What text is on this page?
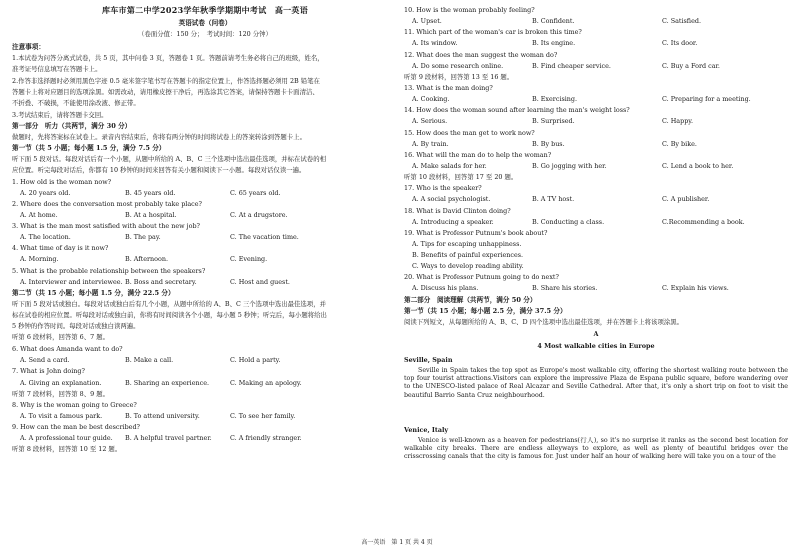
库车市第二中学2023学年秋季学期期中考试　高一英语
英语试卷（问卷）
（卷面分值：150 分；　考试时间：120 分钟）
注意事项：
1.本试卷为问答分离式试卷，共 5 页，其中问卷 3 页，答题卷 1 页。答题前请考生务必将自己的班级，姓名，
准考证号信息填写在答题卡上。
2.作答非选择题时必须用黑色字迹 0.5 毫米签字笔书写在答题卡的指定位置上，作答选择题必须用 2B 铅笔在
答题卡上将对应题目的选项涂黑。如需改动，请用橡皮擦干净后，再选涂其它答案，请保持答题卡卡面清洁、
不折叠、不破损，不能使用涂改液、修正带。
3.考试结束后，请将答题卡交回。
第一部分　听力（共两节，满分 30 分）
做题时，先将答案标在试卷上。录音内容结束后，你将有两分钟的时间将试卷上的答案转涂到答题卡上。
第一节（共 5 小题；每小题 1.5 分，满分 7.5 分）
听下面 5 段对话。每段对话后有一个小题，从题中所给的 A、B、C 三个选项中选出最佳选项，并标在试卷的相
应位置。听完每段对话后，你都有 10 秒钟的时间来回答有关小题和阅读下一小题。每段对话仅读一遍。
1. How old is the woman now?
A. 20 years old.	B. 45 years old.	C. 65 years old.
2. Where does the conversation most probably take place?
A. At home.	B. At a hospital.	C. At a drugstore.
3. What is the man most satisfied with about the new job?
A. The location.	B. The pay.	C. The vacation time.
4. What time of day is it now?
A. Morning.	B. Afternoon.	C. Evening.
5. What is the probable relationship between the speakers?
A. Interviewer and interviewee. B. Boss and secretary.	C. Host and guest.
第二节（共 15 小题；每小题 1.5 分，满分 22.5 分）
听下面 5 段对话或独白。每段对话或独白后有几个小题，从题中所给的 A、B、C 三个选项中选出最佳选项，并
标在试卷的相应位置。听每段对话或独白前，你将有时间阅读各个小题，每小题 5 秒钟；听完后，每小题将给出
5 秒钟的作答时间。每段对话或独白读两遍。
听第 6 段材料，回答第 6、7 题。
6. What does Amanda want to do?
A. Send a card.	B. Make a call.	C. Hold a party.
7. What is John doing?
A. Giving an explanation.	B. Sharing an experience.	C. Making an apology.
听第 7 段材料，回答第 8、9 题。
8. Why is the woman going to Greece?
A. To visit a famous park.	B. To attend university.	C. To see her family.
9. How can the man be best described?
A. A professional tour guide.	B. A helpful travel partner.	C. A friendly stranger.
听第 8 段材料，回答第 10 至 12 题。
10. How is the woman probably feeling?
A. Upset.	B. Confident.	C. Satisfied.
11. Which part of the woman's car is broken this time?
A. Its window.	B. Its engine.	C. Its door.
12. What does the man suggest the woman do?
A. Do some research online.	B. Find cheaper service.	C. Buy a Ford car.
听第 9 段材料，回答第 13 至 16 题。
13. What is the man doing?
A. Cooking.	B. Exercising.	C. Preparing for a meeting.
14. How does the woman sound after learning the man's weight loss?
A. Serious.	B. Surprised.	C. Happy.
15. How does the man get to work now?
A. By train.	B. By bus.	C. By bike.
16. What will the man do to help the woman?
A. Make salads for her.	B. Go jogging with her.	C. Lend a book to her.
听第 10 段材料，回答第 17 至 20 题。
17. Who is the speaker?
A. A social psychologist.	B. A TV host.	C. A publisher.
18. What is David Clinton doing?
A. Introducing a speaker.	B. Conducting a class.	C.Recommending a book.
19. What is Professor Putnum's book about?
A. Tips for escaping unhappiness.
B. Benefits of painful experiences.
C. Ways to develop reading ability.
20. What is Professor Putnum going to do next?
A. Discuss his plans.	B. Share his stories.	C. Explain his views.
第二部分　阅读理解（共两节，满分 50 分）
第一节（共 15 小题；每小题 2.5 分，满分 37.5 分）
阅读下列短文，从每题所给的 A、B、C、D 四个选项中选出最佳选项，并在答题卡上将该项涂黑。
A
4 Most walkable cities in Europe
Seville, Spain
Seville in Spain takes the top spot as Europe's most walkable city, offering the shortest walking route between the top four tourist attractions.Visitors can explore the impressive Plaza de Espana public square, before wandering over to the UNESCO-listed palace of Real Alcazar and Seville Cathedral. After that, it's only a short trip on foot to visit the beautiful Barrio Santa Cruz neighbourhood.
Venice, Italy
Venice is well-known as a heaven for pedestrians(行人), so it's no surprise it ranks as the second best location for walkable city breaks. There are endless alleyways to explore, as well as plenty of beautiful bridges over the crisscrossing canals that the city is famous for. Just under half an hour of walking here will take you on a tour of the
高一英语　第 1 页 共 4 页
